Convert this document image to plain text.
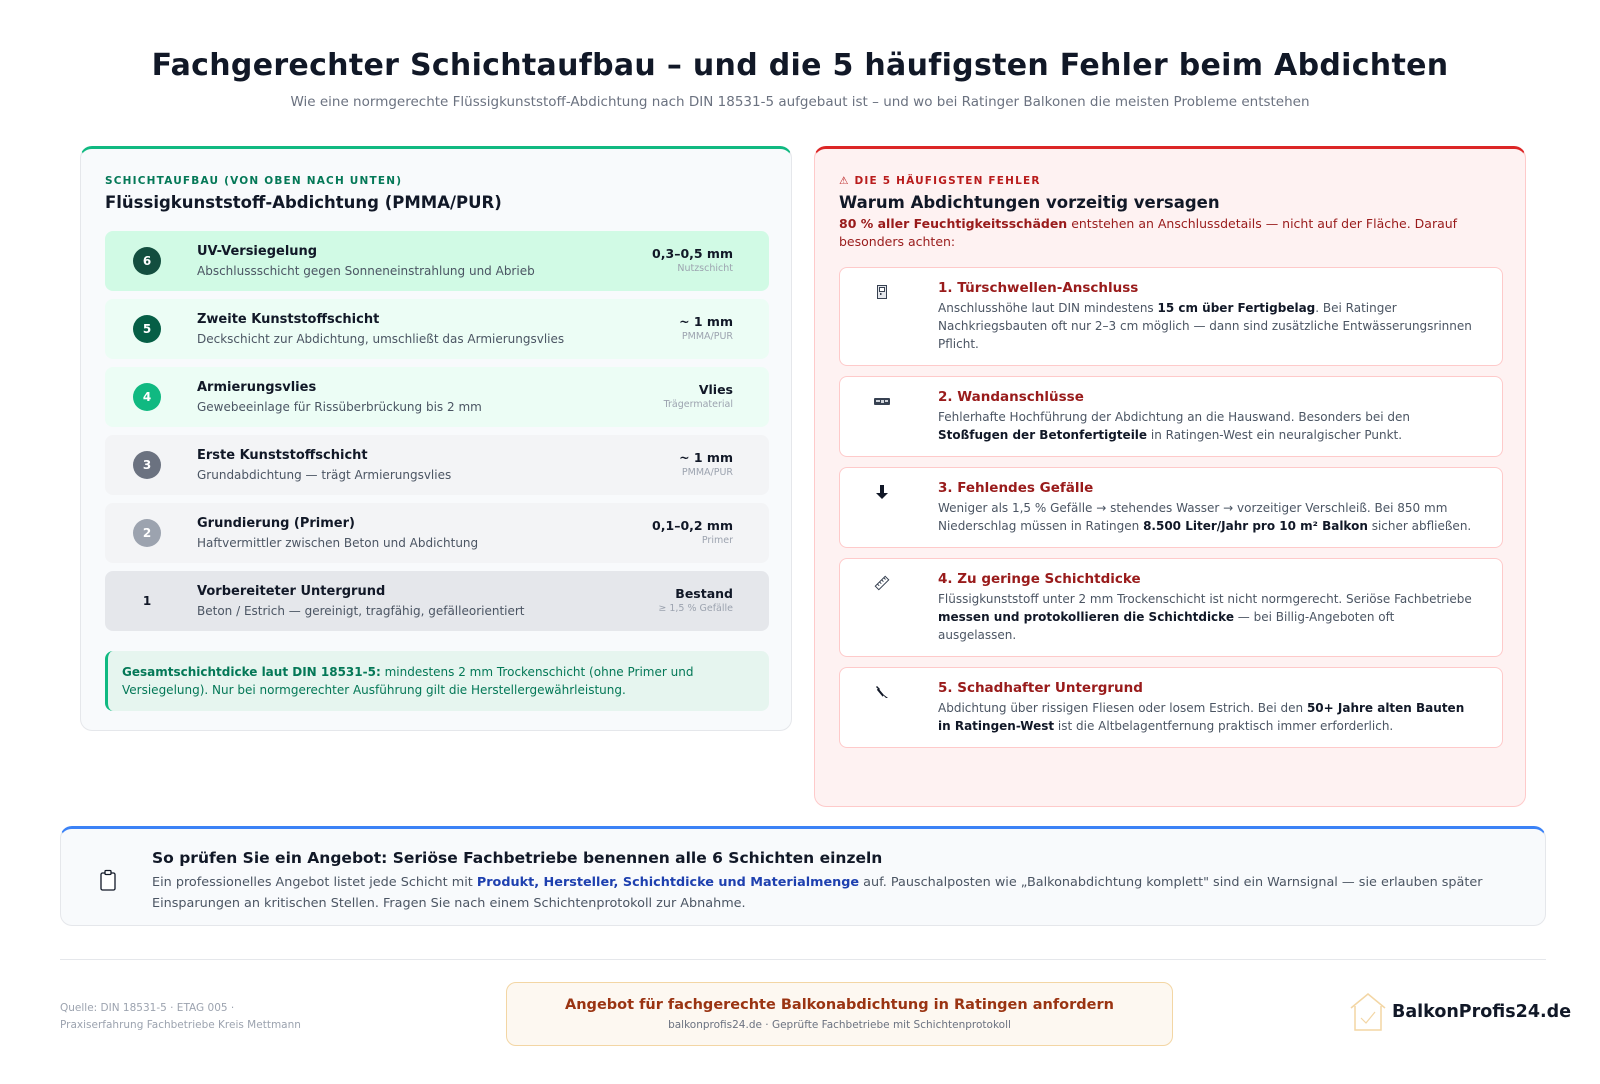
Fachgerechter Schichtaufbau – und die 5 häufigsten Fehler beim Abdichten
Wie eine normgerechte Flüssigkunststoff-Abdichtung nach DIN 18531-5 aufgebaut ist – und wo bei Ratinger Balkonen die meisten Probleme entstehen
SCHICHTAUFBAU (VON OBEN NACH UNTEN)
Flüssigkunststoff-Abdichtung (PMMA/PUR)
6
UV-Versiegelung
Abschlussschicht gegen Sonneneinstrahlung und Abrieb
0,3–0,5 mm
Nutzschicht
5
Zweite Kunststoffschicht
Deckschicht zur Abdichtung, umschließt das Armierungsvlies
~ 1 mm
PMMA/PUR
4
Armierungsvlies
Gewebeeinlage für Rissüberbrückung bis 2 mm
Vlies
Trägermaterial
3
Erste Kunststoffschicht
Grundabdichtung — trägt Armierungsvlies
~ 1 mm
PMMA/PUR
2
Grundierung (Primer)
Haftvermittler zwischen Beton und Abdichtung
0,1–0,2 mm
Primer
1
Vorbereiteter Untergrund
Beton / Estrich — gereinigt, tragfähig, gefälleorientiert
Bestand
≥ 1,5 % Gefälle
Gesamtschichtdicke laut DIN 18531-5: mindestens 2 mm Trockenschicht (ohne Primer und Versiegelung). Nur bei normgerechter Ausführung gilt die Herstellergewährleistung.
⚠ DIE 5 HÄUFIGSTEN FEHLER
Warum Abdichtungen vorzeitig versagen
80 % aller Feuchtigkeitsschäden entstehen an Anschlussdetails — nicht auf der Fläche. Darauf besonders achten:
1. Türschwellen-Anschluss
Anschlusshöhe laut DIN mindestens 15 cm über Fertigbelag. Bei Ratinger Nachkriegsbauten oft nur 2–3 cm möglich — dann sind zusätzliche Entwässerungsrinnen Pflicht.
2. Wandanschlüsse
Fehlerhafte Hochführung der Abdichtung an die Hauswand. Besonders bei den Stoßfugen der Betonfertigteile in Ratingen-West ein neuralgischer Punkt.
3. Fehlendes Gefälle
Weniger als 1,5 % Gefälle → stehendes Wasser → vorzeitiger Verschleiß. Bei 850 mm Niederschlag müssen in Ratingen 8.500 Liter/Jahr pro 10 m² Balkon sicher abfließen.
4. Zu geringe Schichtdicke
Flüssigkunststoff unter 2 mm Trockenschicht ist nicht normgerecht. Seriöse Fachbetriebe messen und protokollieren die Schichtdicke — bei Billig-Angeboten oft ausgelassen.
5. Schadhafter Untergrund
Abdichtung über rissigen Fliesen oder losem Estrich. Bei den 50+ Jahre alten Bauten in Ratingen-West ist die Altbelagentfernung praktisch immer erforderlich.
So prüfen Sie ein Angebot: Seriöse Fachbetriebe benennen alle 6 Schichten einzeln
Ein professionelles Angebot listet jede Schicht mit Produkt, Hersteller, Schichtdicke und Materialmenge auf. Pauschalposten wie „Balkonabdichtung komplett" sind ein Warnsignal — sie erlauben später Einsparungen an kritischen Stellen. Fragen Sie nach einem Schichtenprotokoll zur Abnahme.
Quelle: DIN 18531-5 · ETAG 005 ·
Praxiserfahrung Fachbetriebe Kreis Mettmann
Angebot für fachgerechte Balkonabdichtung in Ratingen anfordern
balkonprofis24.de · Geprüfte Fachbetriebe mit Schichtenprotokoll
BalkonProfis24.de
